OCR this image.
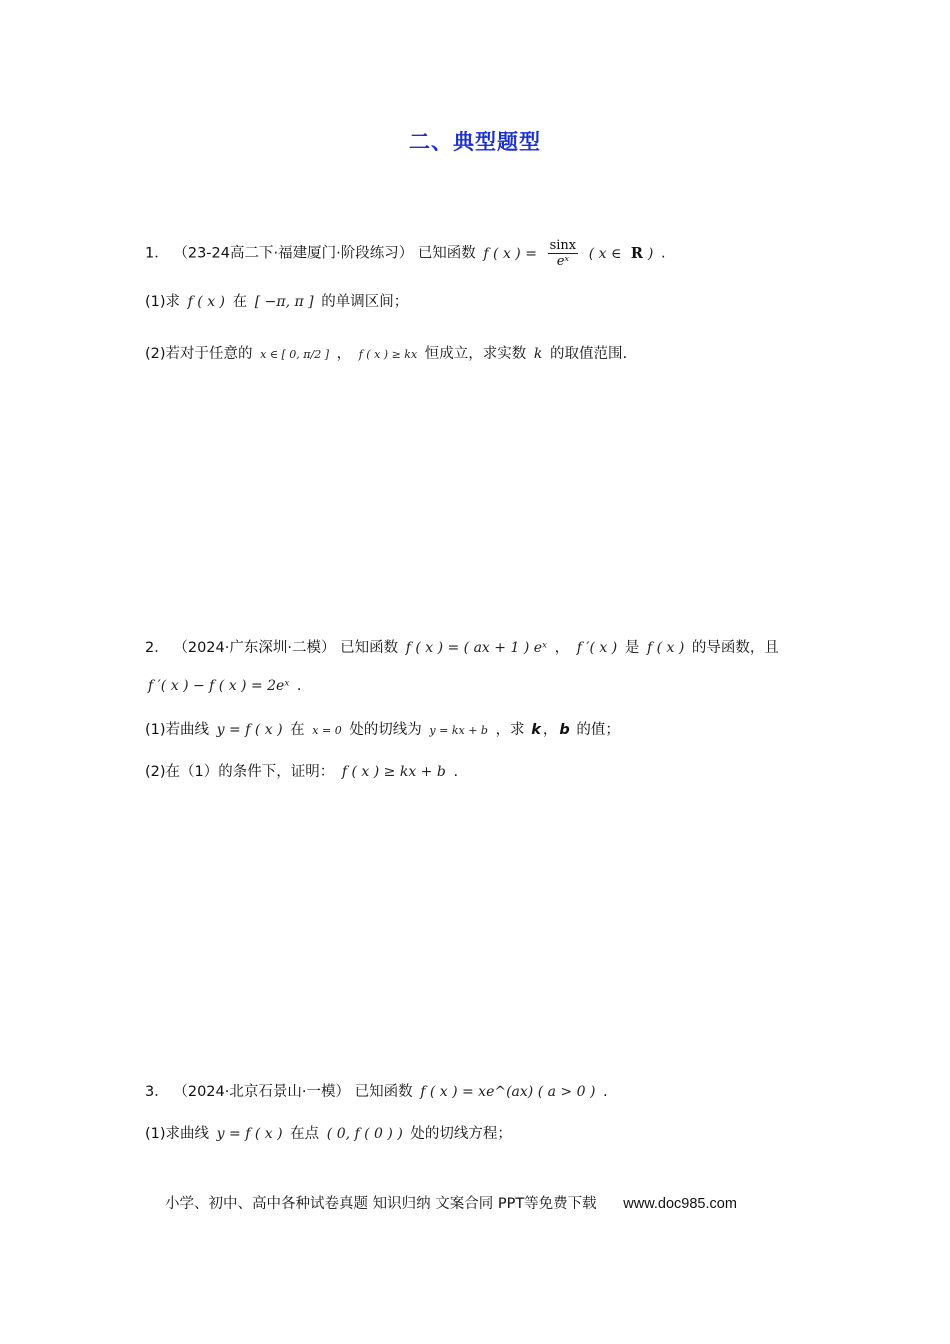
二、典型题型
1． （23-24高二下·福建厦门·阶段练习） 已知函数 f ( x ) = $\frac{\sin x}{\text{eˣ}}$ ( x ∈ R ) .
(1)求 f ( x ) 在 [ −π, π ] 的单调区间；
(2)若对于任意的 x ∈ [ 0, π/2 ] ， f ( x ) ≥ kx 恒成立，求实数 k 的取值范围.
2． （2024·广东深圳·二模） 已知函数 f ( x ) = ( ax + 1 ) eˣ ， f ′( x ) 是 f ( x ) 的导函数，且
f ′( x ) − f ( x ) = 2eˣ .
(1)若曲线 y = f ( x ) 在 x = 0 处的切线为 y = kx + b ，求 k ， b 的值；
(2)在（1）的条件下，证明： f ( x ) ≥ kx + b .
3． （2024·北京石景山·一模） 已知函数 f ( x ) = xe^(ax) ( a > 0 ) .
(1)求曲线 y = f ( x ) 在点 ( 0, f ( 0 ) ) 处的切线方程；
小学、初中、高中各种试卷真题 知识归纳 文案合同 PPT等免费下载 www.doc985.com
